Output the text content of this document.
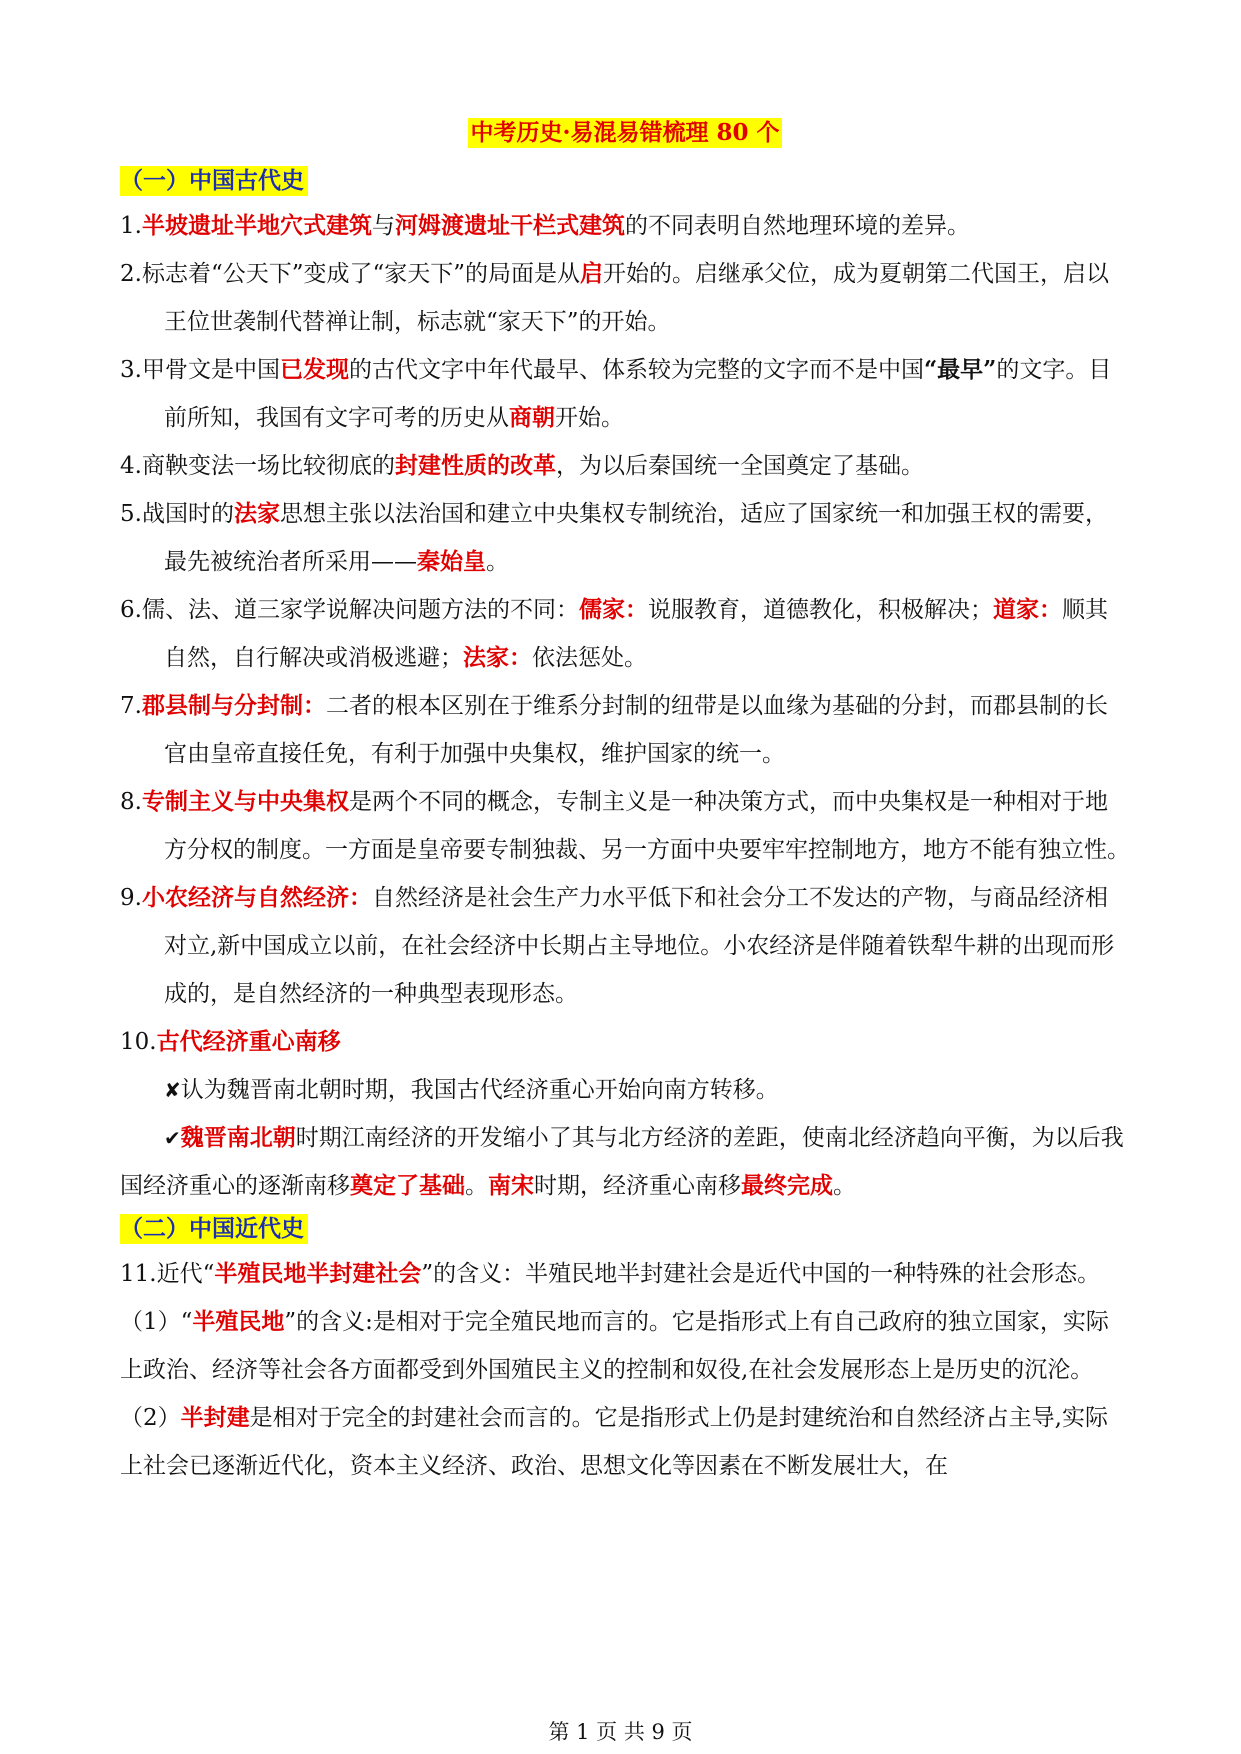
中考历史·易混易错梳理 80 个
（一）中国古代史

1.半坡遗址半地穴式建筑与河姆渡遗址干栏式建筑的不同表明自然地理环境的差异。

2.标志着“公天下”变成了“家天下”的局面是从启开始的。启继承父位，成为夏朝第二代国王，启以王位世袭制代替禅让制，标志就“家天下”的开始。

3.甲骨文是中国已发现的古代文字中年代最早、体系较为完整的文字而不是中国“最早”的文字。目前所知，我国有文字可考的历史从商朝开始。

4.商鞅变法一场比较彻底的封建性质的改革，为以后秦国统一全国奠定了基础。

5.战国时的法家思想主张以法治国和建立中央集权专制统治，适应了国家统一和加强王权的需要，最先被统治者所采用——秦始皇。

6.儒、法、道三家学说解决问题方法的不同：儒家：说服教育，道德教化，积极解决；道家：顺其自然，自行解决或消极逃避；法家：依法惩处。

7.郡县制与分封制：二者的根本区别在于维系分封制的纽带是以血缘为基础的分封，而郡县制的长官由皇帝直接任免，有利于加强中央集权，维护国家的统一。

8.专制主义与中央集权是两个不同的概念，专制主义是一种决策方式，而中央集权是一种相对于地方分权的制度。一方面是皇帝要专制独裁、另一方面中央要牢牢控制地方，地方不能有独立性。

9.小农经济与自然经济：自然经济是社会生产力水平低下和社会分工不发达的产物，与商品经济相对立,新中国成立以前，在社会经济中长期占主导地位。小农经济是伴随着铁犁牛耕的出现而形成的，是自然经济的一种典型表现形态。

10.古代经济重心南移

✘认为魏晋南北朝时期，我国古代经济重心开始向南方转移。

✔魏晋南北朝时期江南经济的开发缩小了其与北方经济的差距，使南北经济趋向平衡，为以后我国经济重心的逐渐南移奠定了基础。南宋时期，经济重心南移最终完成。

（二）中国近代史

11.近代“半殖民地半封建社会”的含义：半殖民地半封建社会是近代中国的一种特殊的社会形态。

（1）“半殖民地”的含义:是相对于完全殖民地而言的。它是指形式上有自己政府的独立国家，实际上政治、经济等社会各方面都受到外国殖民主义的控制和奴役,在社会发展形态上是历史的沉沦。

（2）半封建是相对于完全的封建社会而言的。它是指形式上仍是封建统治和自然经济占主导,实际上社会已逐渐近代化，资本主义经济、政治、思想文化等因素在不断发展壮大，在

第 1 页 共 9 页
